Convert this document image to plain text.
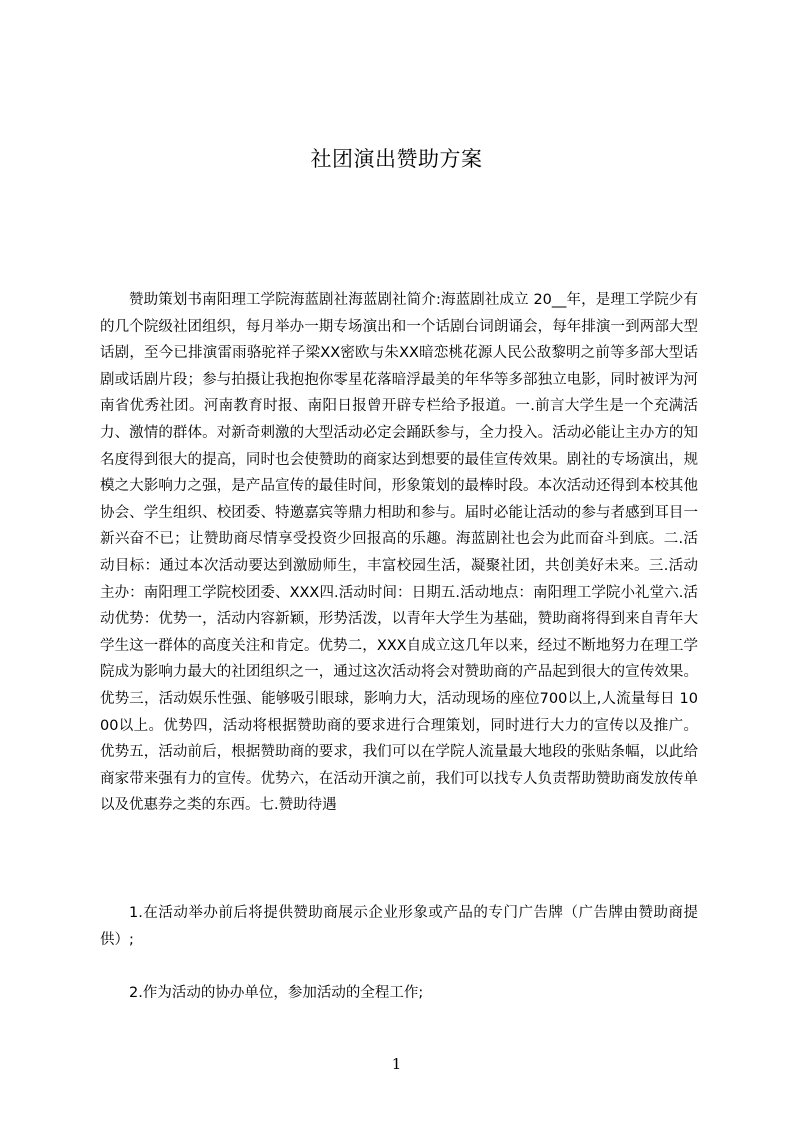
社团演出赞助方案

赞助策划书南阳理工学院海蓝剧社海蓝剧社简介:海蓝剧社成立 20__年，是理工学院少有的几个院级社团组织，每月举办一期专场演出和一个话剧台词朗诵会，每年排演一到两部大型话剧，至今已排演雷雨骆驼祥子梁XX密欧与朱XX暗恋桃花源人民公敌黎明之前等多部大型话剧或话剧片段；参与拍摄让我抱抱你零星花落暗浮最美的年华等多部独立电影，同时被评为河南省优秀社团。河南教育时报、南阳日报曾开辟专栏给予报道。一.前言大学生是一个充满活力、激情的群体。对新奇刺激的大型活动必定会踊跃参与，全力投入。活动必能让主办方的知名度得到很大的提高，同时也会使赞助的商家达到想要的最佳宣传效果。剧社的专场演出，规模之大影响力之强，是产品宣传的最佳时间，形象策划的最棒时段。本次活动还得到本校其他协会、学生组织、校团委、特邀嘉宾等鼎力相助和参与。届时必能让活动的参与者感到耳目一新兴奋不已；让赞助商尽情享受投资少回报高的乐趣。海蓝剧社也会为此而奋斗到底。二.活动目标：通过本次活动要达到激励师生，丰富校园生活，凝聚社团，共创美好未来。三.活动主办：南阳理工学院校团委、XXX四.活动时间：日期五.活动地点：南阳理工学院小礼堂六.活动优势：优势一，活动内容新颖，形势活泼，以青年大学生为基础，赞助商将得到来自青年大学生这一群体的高度关注和肯定。优势二，XXX自成立这几年以来，经过不断地努力在理工学院成为影响力最大的社团组织之一，通过这次活动将会对赞助商的产品起到很大的宣传效果。优势三，活动娱乐性强、能够吸引眼球，影响力大，活动现场的座位700以上,人流量每日 1000以上。优势四，活动将根据赞助商的要求进行合理策划，同时进行大力的宣传以及推广。优势五，活动前后，根据赞助商的要求，我们可以在学院人流量最大地段的张贴条幅，以此给商家带来强有力的宣传。优势六，在活动开演之前，我们可以找专人负责帮助赞助商发放传单以及优惠券之类的东西。七.赞助待遇

1.在活动举办前后将提供赞助商展示企业形象或产品的专门广告牌（广告牌由赞助商提供）;

2.作为活动的协办单位，参加活动的全程工作;

1
